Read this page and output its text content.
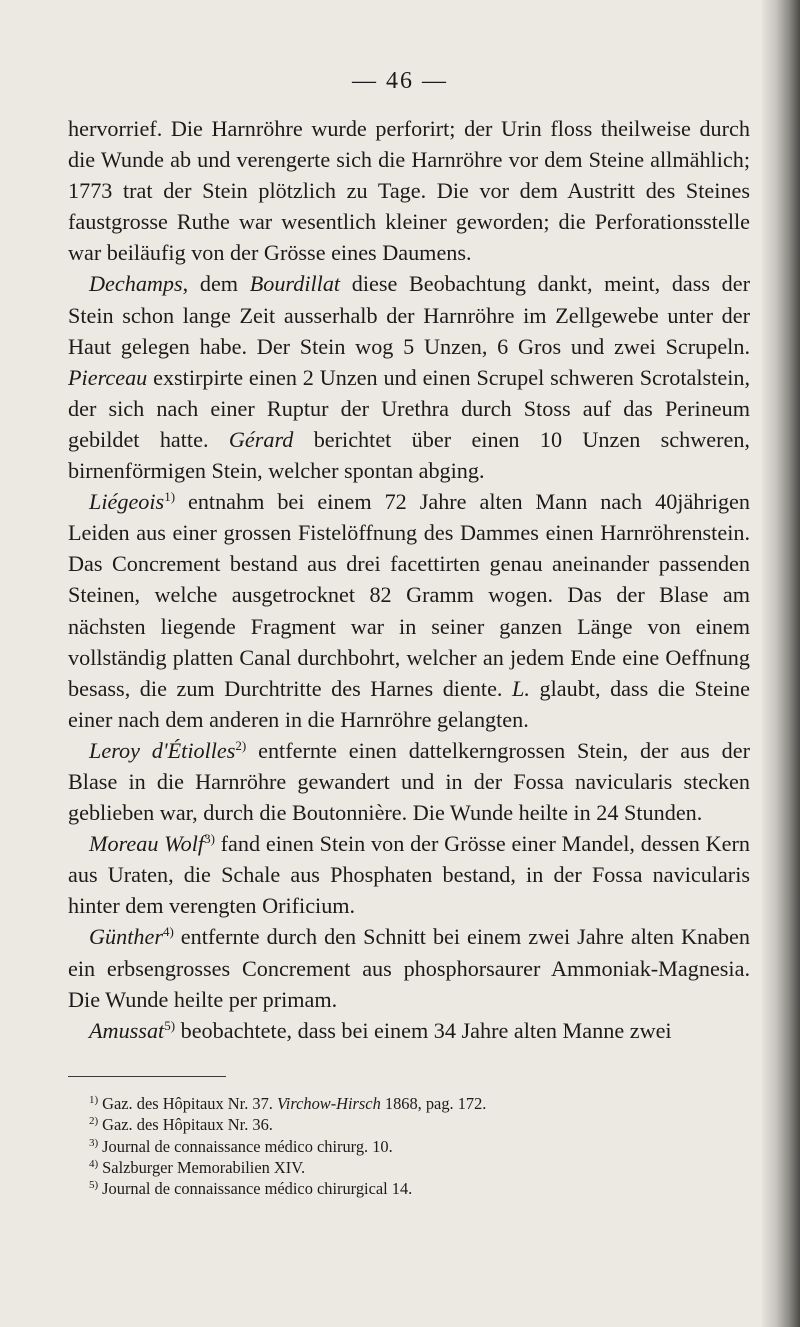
— 46 —

hervorrief. Die Harnröhre wurde perforirt; der Urin floss theilweise durch die Wunde ab und verengerte sich die Harnröhre vor dem Steine allmählich; 1773 trat der Stein plötzlich zu Tage. Die vor dem Austritt des Steines faustgrosse Ruthe war wesentlich kleiner geworden; die Perforationsstelle war beiläufig von der Grösse eines Daumens.

Dechamps, dem Bourdillat diese Beobachtung dankt, meint, dass der Stein schon lange Zeit ausserhalb der Harnröhre im Zellgewebe unter der Haut gelegen habe. Der Stein wog 5 Unzen, 6 Gros und zwei Scrupeln. Pierceau exstirpirte einen 2 Unzen und einen Scrupel schweren Scrotalstein, der sich nach einer Ruptur der Urethra durch Stoss auf das Perineum gebildet hatte. Gérard berichtet über einen 10 Unzen schweren, birnenförmigen Stein, welcher spontan abging.

Liégeois$^{1)}$ entnahm bei einem 72 Jahre alten Mann nach 40jährigen Leiden aus einer grossen Fistelöffnung des Dammes einen Harnröhrenstein. Das Concrement bestand aus drei facettirten genau aneinander passenden Steinen, welche ausgetrocknet 82 Gramm wogen. Das der Blase am nächsten liegende Fragment war in seiner ganzen Länge von einem vollständig platten Canal durchbohrt, welcher an jedem Ende eine Oeffnung besass, die zum Durchtritte des Harnes diente. L. glaubt, dass die Steine einer nach dem anderen in die Harnröhre gelangten.

Leroy d'Étiolles$^{2)}$ entfernte einen dattelkerngrossen Stein, der aus der Blase in die Harnröhre gewandert und in der Fossa navicularis stecken geblieben war, durch die Boutonnière. Die Wunde heilte in 24 Stunden.

Moreau Wolf$^{3)}$ fand einen Stein von der Grösse einer Mandel, dessen Kern aus Uraten, die Schale aus Phosphaten bestand, in der Fossa navicularis hinter dem verengten Orificium.

Günther$^{4)}$ entfernte durch den Schnitt bei einem zwei Jahre alten Knaben ein erbsengrosses Concrement aus phosphorsaurer Ammoniak-Magnesia. Die Wunde heilte per primam.

Amussat$^{5)}$ beobachtete, dass bei einem 34 Jahre alten Manne zwei

$^{1)}$ Gaz. des Hôpitaux Nr. 37. Virchow-Hirsch 1868, pag. 172.
$^{2)}$ Gaz. des Hôpitaux Nr. 36.
$^{3)}$ Journal de connaissance médico chirurg. 10.
$^{4)}$ Salzburger Memorabilien XIV.
$^{5)}$ Journal de connaissance médico chirurgical 14.
